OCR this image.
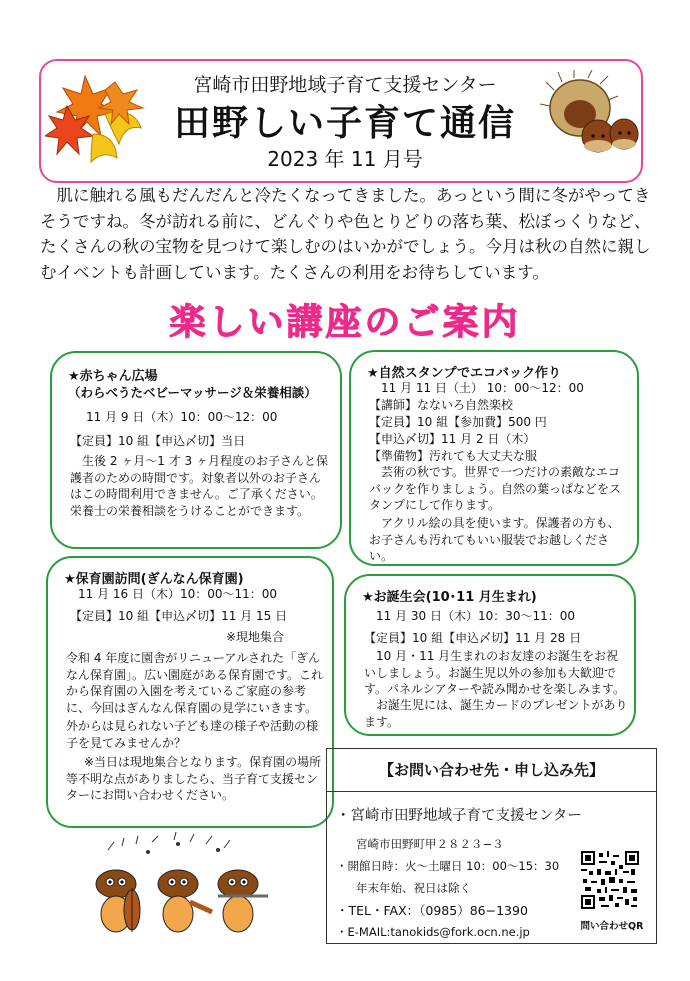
宮崎市田野地域子育て支援センター
田野しい子育て通信
2023 年 11 月号

肌に触れる風もだんだんと冷たくなってきました。あっという間に冬がやってきそうですね。冬が訪れる前に、どんぐりや色とりどりの落ち葉、松ぼっくりなど、たくさんの秋の宝物を見つけて楽しむのはいかがでしょう。今月は秋の自然に親しむイベントも計画しています。たくさんの利用をお待ちしています。

楽しい講座のご案内
★赤ちゃん広場
（わらべうたベビーマッサージ＆栄養相談）
11 月 9 日（木）10：00〜12：00
【定員】10 組【申込〆切】当日
生後 2 ヶ月〜1 才 3 ヶ月程度のお子さんと保護者のための時間です。対象者以外のお子さんはこの時間利用できません。ご了承ください。栄養士の栄養相談をうけることができます。
★自然スタンプでエコバック作り
11 月 11 日（土） 10：00〜12：00
【講師】なないろ自然楽校
【定員】10 組【参加費】500 円
【申込〆切】11 月 2 日（木）
【準備物】汚れても大丈夫な服
芸術の秋です。世界で一つだけの素敵なエコバックを作りましょう。自然の葉っぱなどをスタンプにして作ります。
アクリル絵の具を使います。保護者の方も、お子さんも汚れてもいい服装でお越しください。
★保育園訪問(ぎんなん保育園)
11 月 16 日（木）10：00〜11：00
【定員】10 組【申込〆切】11 月 15 日
※現地集合
令和 4 年度に園舎がリニューアルされた「ぎんなん保育園」。広い園庭がある保育園です。これから保育園の入園を考えているご家庭の参考に、今回はぎんなん保育園の見学にいきます。
外からは見られない子ども達の様子や活動の様子を見てみませんか？
※当日は現地集合となります。保育園の場所等不明な点がありましたら、当子育て支援センターにお問い合わせください。
★お誕生会(10･11 月生まれ)
11 月 30 日（木）10：30〜11：00
【定員】10 組【申込〆切】11 月 28 日
10 月・11 月生まれのお友達のお誕生をお祝いしましょう。お誕生児以外の参加も大歓迎です。パネルシアターや読み聞かせを楽しみます。
お誕生児には、誕生カードのプレゼントがあります。
【お問い合わせ先・申し込み先】
・宮崎市田野地域子育て支援センター
宮崎市田野町甲２８２３−３
・開館日時：火〜土曜日 10：00〜15：30
年末年始、祝日は除く
・TEL・FAX：（0985）86−1390
・E-MAIL:tanokids@fork.ocn.ne.jp	問い合わせQR
